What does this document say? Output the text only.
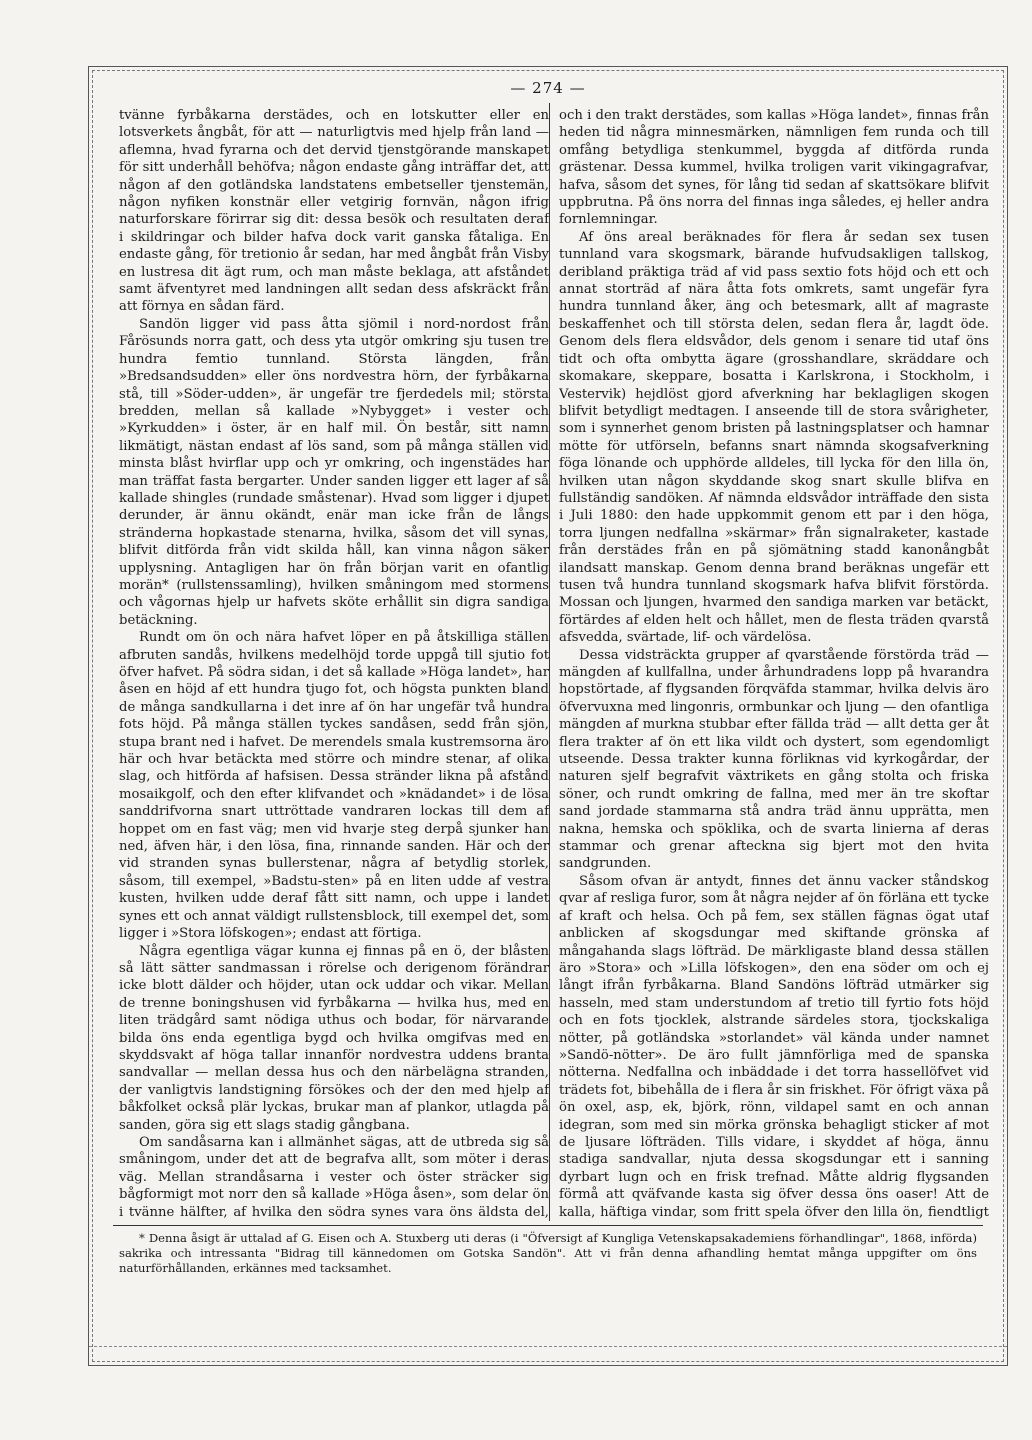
— 274 —

tvänne fyrbåkarna derstädes, och en lotskutter eller en lotsverkets ångbåt, för att — naturligtvis med hjelp från land — aflemna, hvad fyrarna och det dervid tjenstgörande manskapet för sitt underhåll behöfva; någon endaste gång inträffar det, att någon af den gotländska landstatens embetseller tjenstemän, någon nyfiken konstnär eller vetgirig fornvän, någon ifrig naturforskare förirrar sig dit: dessa besök och resultaten deraf i skildringar och bilder hafva dock varit ganska fåtaliga. En endaste gång, för tretionio år sedan, har med ångbåt från Visby en lustresa dit ägt rum, och man måste beklaga, att afståndet samt äfventyret med landningen allt sedan dess afskräckt från att förnya en sådan färd.

Sandön ligger vid pass åtta sjömil i nord-nordost från Fårösunds norra gatt, och dess yta utgör omkring sju tusen tre hundra femtio tunnland. Största längden, från »Bredsandsudden» eller öns nordvestra hörn, der fyrbåkarna stå, till »Söder-udden», är ungefär tre fjerdedels mil; största bredden, mellan så kallade »Nybygget» i vester och »Kyrkudden» i öster, är en half mil. Ön består, sitt namn likmätigt, nästan endast af lös sand, som på många ställen vid minsta blåst hvirflar upp och yr omkring, och ingenstädes har man träffat fasta bergarter. Under sanden ligger ett lager af så kallade shingles (rundade småstenar). Hvad som ligger i djupet derunder, är ännu okändt, enär man icke från de långs stränderna hopkastade stenarna, hvilka, såsom det vill synas, blifvit ditförda från vidt skilda håll, kan vinna någon säker upplysning. Antagligen har ön från början varit en ofantlig morän* (rullstenssamling), hvilken småningom med stormens och vågornas hjelp ur hafvets sköte erhållit sin digra sandiga betäckning.

Rundt om ön och nära hafvet löper en på åtskilliga ställen afbruten sandås, hvilkens medelhöjd torde uppgå till sjutio fot öfver hafvet. På södra sidan, i det så kallade »Höga landet», har åsen en höjd af ett hundra tjugo fot, och högsta punkten bland de många sandkullarna i det inre af ön har ungefär två hundra fots höjd. På många ställen tyckes sandåsen, sedd från sjön, stupa brant ned i hafvet. De merendels smala kustremsorna äro här och hvar betäckta med större och mindre stenar, af olika slag, och hitförda af hafsisen. Dessa stränder likna på afstånd mosaikgolf, och den efter klifvandet och »knädandet» i de lösa sanddrifvorna snart uttröttade vandraren lockas till dem af hoppet om en fast väg; men vid hvarje steg derpå sjunker han ned, äfven här, i den lösa, fina, rinnande sanden. Här och der vid stranden synas bullerstenar, några af betydlig storlek, såsom, till exempel, »Badstu-sten» på en liten udde af vestra kusten, hvilken udde deraf fått sitt namn, och uppe i landet synes ett och annat väldigt rullstensblock, till exempel det, som ligger i »Stora löfskogen»; endast att förtiga.

Några egentliga vägar kunna ej finnas på en ö, der blåsten så lätt sätter sandmassan i rörelse och derigenom förändrar icke blott dälder och höjder, utan ock uddar och vikar. Mellan de trenne boningshusen vid fyrbåkarna — hvilka hus, med en liten trädgård samt nödiga uthus och bodar, för närvarande bilda öns enda egentliga bygd och hvilka omgifvas med en skyddsvakt af höga tallar innanför nordvestra uddens branta sandvallar — mellan dessa hus och den närbelägna stranden, der vanligtvis landstigning försökes och der den med hjelp af båkfolket också plär lyckas, brukar man af plankor, utlagda på sanden, göra sig ett slags stadig gångbana.

Om sandåsarna kan i allmänhet sägas, att de utbreda sig så småningom, under det att de begrafva allt, som möter i deras väg. Mellan strandåsarna i vester och öster sträcker sig bågformigt mot norr den så kallade »Höga åsen», som delar ön i tvänne hälfter, af hvilka den södra synes vara öns äldsta del,

och i den trakt derstädes, som kallas »Höga landet», finnas från heden tid några minnesmärken, nämnligen fem runda och till omfång betydliga stenkummel, byggda af ditförda runda grästenar. Dessa kummel, hvilka troligen varit vikingagrafvar, hafva, såsom det synes, för lång tid sedan af skattsökare blifvit uppbrutna. På öns norra del finnas inga således, ej heller andra fornlemningar.

Af öns areal beräknades för flera år sedan sex tusen tunnland vara skogsmark, bärande hufvudsakligen tallskog, deribland präktiga träd af vid pass sextio fots höjd och ett och annat storträd af nära åtta fots omkrets, samt ungefär fyra hundra tunnland åker, äng och betesmark, allt af magraste beskaffenhet och till största delen, sedan flera år, lagdt öde. Genom dels flera eldsvådor, dels genom i senare tid utaf öns tidt och ofta ombytta ägare (grosshandlare, skräddare och skomakare, skeppare, bosatta i Karlskrona, i Stockholm, i Vestervik) hejdlöst gjord afverkning har beklagligen skogen blifvit betydligt medtagen. I anseende till de stora svårigheter, som i synnerhet genom bristen på lastningsplatser och hamnar mötte för utförseln, befanns snart nämnda skogsafverkning föga lönande och upphörde alldeles, till lycka för den lilla ön, hvilken utan någon skyddande skog snart skulle blifva en fullständig sandöken. Af nämnda eldsvådor inträffade den sista i Juli 1880: den hade uppkommit genom ett par i den höga, torra ljungen nedfallna »skärmar» från signalraketer, kastade från derstädes från en på sjömätning stadd kanonångbåt ilandsatt manskap. Genom denna brand beräknas ungefär ett tusen två hundra tunnland skogsmark hafva blifvit förstörda. Mossan och ljungen, hvarmed den sandiga marken var betäckt, förtärdes af elden helt och hållet, men de flesta träden qvarstå afsvedda, svärtade, lif- och värdelösa.

Dessa vidsträckta grupper af qvarstående förstörda träd — mängden af kullfallna, under århundradens lopp på hvarandra hopstörtade, af flygsanden förqväfda stammar, hvilka delvis äro öfvervuxna med lingonris, ormbunkar och ljung — den ofantliga mängden af murkna stubbar efter fällda träd — allt detta ger åt flera trakter af ön ett lika vildt och dystert, som egendomligt utseende. Dessa trakter kunna förliknas vid kyrkogårdar, der naturen sjelf begrafvit växtrikets en gång stolta och friska söner, och rundt omkring de fallna, med mer än tre skoftar sand jordade stammarna stå andra träd ännu upprätta, men nakna, hemska och spöklika, och de svarta linierna af deras stammar och grenar afteckna sig bjert mot den hvita sandgrunden.

Såsom ofvan är antydt, finnes det ännu vacker ståndskog qvar af resliga furor, som åt några nejder af ön förläna ett tycke af kraft och helsa. Och på fem, sex ställen fägnas ögat utaf anblicken af skogsdungar med skiftande grönska af mångahanda slags löfträd. De märkligaste bland dessa ställen äro »Stora» och »Lilla löfskogen», den ena söder om och ej långt ifrån fyrbåkarna. Bland Sandöns löfträd utmärker sig hasseln, med stam understundom af tretio till fyrtio fots höjd och en fots tjocklek, alstrande särdeles stora, tjockskaliga nötter, på gotländska »storlandet» väl kända under namnet »Sandö-nötter». De äro fullt jämnförliga med de spanska nötterna. Nedfallna och inbäddade i det torra hassellöfvet vid trädets fot, bibehålla de i flera år sin friskhet. För öfrigt växa på ön oxel, asp, ek, björk, rönn, vildapel samt en och annan idegran, som med sin mörka grönska behagligt sticker af mot de ljusare löfträden. Tills vidare, i skyddet af höga, ännu stadiga sandvallar, njuta dessa skogsdungar ett i sanning dyrbart lugn och en frisk trefnad. Måtte aldrig flygsanden förmå att qväfvande kasta sig öfver dessa öns oaser! Att de kalla, häftiga vindar, som fritt spela öfver den lilla ön, fiendtligt

* Denna åsigt är uttalad af G. Eisen och A. Stuxberg uti deras (i "Öfversigt af Kungliga Vetenskapsakademiens förhandlingar", 1868, införda) sakrika och intressanta "Bidrag till kännedomen om Gotska Sandön". Att vi från denna afhandling hemtat många uppgifter om öns naturförhållanden, erkännes med tacksamhet.
